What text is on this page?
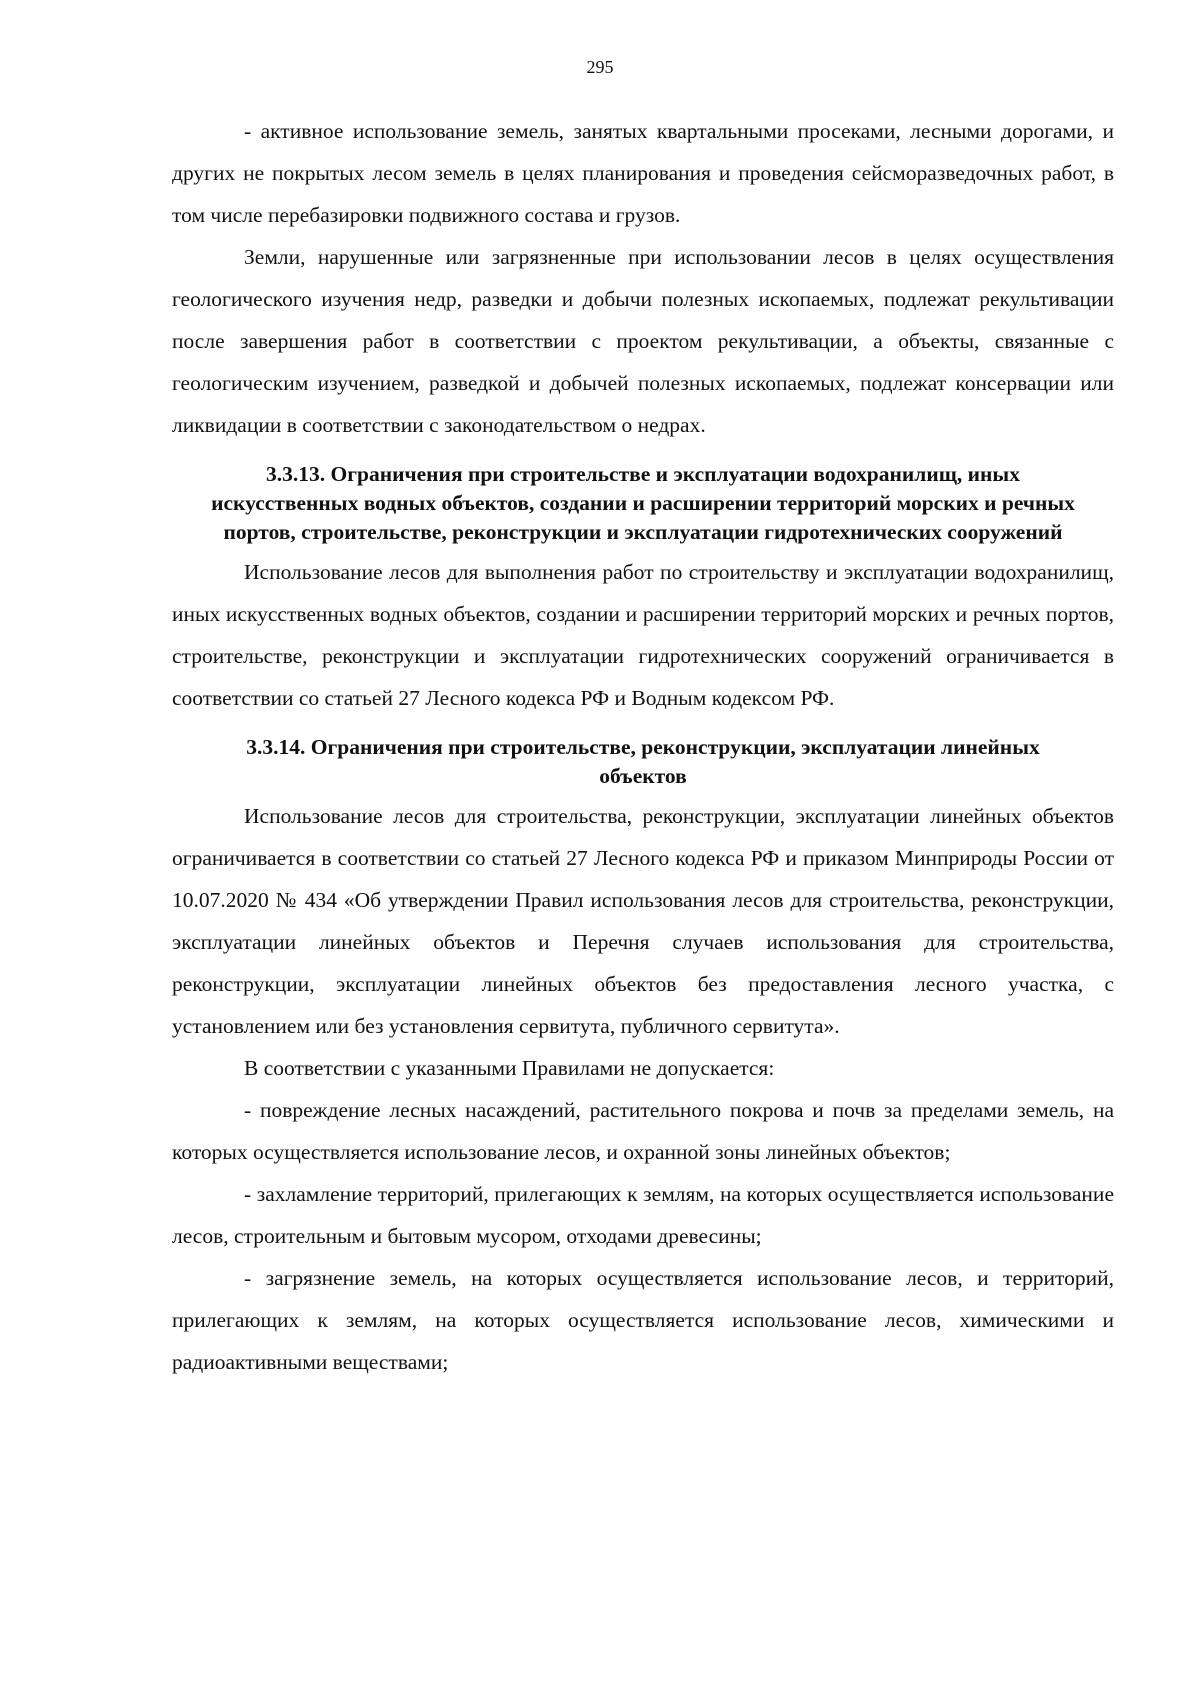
295

- активное использование земель, занятых квартальными просеками, лесными дорогами, и других не покрытых лесом земель в целях планирования и проведения сейсморазведочных работ, в том числе перебазировки подвижного состава и грузов.

Земли, нарушенные или загрязненные при использовании лесов в целях осуществления геологического изучения недр, разведки и добычи полезных ископаемых, подлежат рекультивации после завершения работ в соответствии с проектом рекультивации, а объекты, связанные с геологическим изучением, разведкой и добычей полезных ископаемых, подлежат консервации или ликвидации в соответствии с законодательством о недрах.

3.3.13. Ограничения при строительстве и эксплуатации водохранилищ, иных искусственных водных объектов, создании и расширении территорий морских и речных портов, строительстве, реконструкции и эксплуатации гидротехнических сооружений

Использование лесов для выполнения работ по строительству и эксплуатации водохранилищ, иных искусственных водных объектов, создании и расширении территорий морских и речных портов, строительстве, реконструкции и эксплуатации гидротехнических сооружений ограничивается в соответствии со статьей 27 Лесного кодекса РФ и Водным кодексом РФ.

3.3.14. Ограничения при строительстве, реконструкции, эксплуатации линейных объектов

Использование лесов для строительства, реконструкции, эксплуатации линейных объектов ограничивается в соответствии со статьей 27 Лесного кодекса РФ и приказом Минприроды России от 10.07.2020 № 434 «Об утверждении Правил использования лесов для строительства, реконструкции, эксплуатации линейных объектов и Перечня случаев использования для строительства, реконструкции, эксплуатации линейных объектов без предоставления лесного участка, с установлением или без установления сервитута, публичного сервитута».

В соответствии с указанными Правилами не допускается:

- повреждение лесных насаждений, растительного покрова и почв за пределами земель, на которых осуществляется использование лесов, и охранной зоны линейных объектов;

- захламление территорий, прилегающих к землям, на которых осуществляется использование лесов, строительным и бытовым мусором, отходами древесины;

- загрязнение земель, на которых осуществляется использование лесов, и территорий, прилегающих к землям, на которых осуществляется использование лесов, химическими и радиоактивными веществами;
